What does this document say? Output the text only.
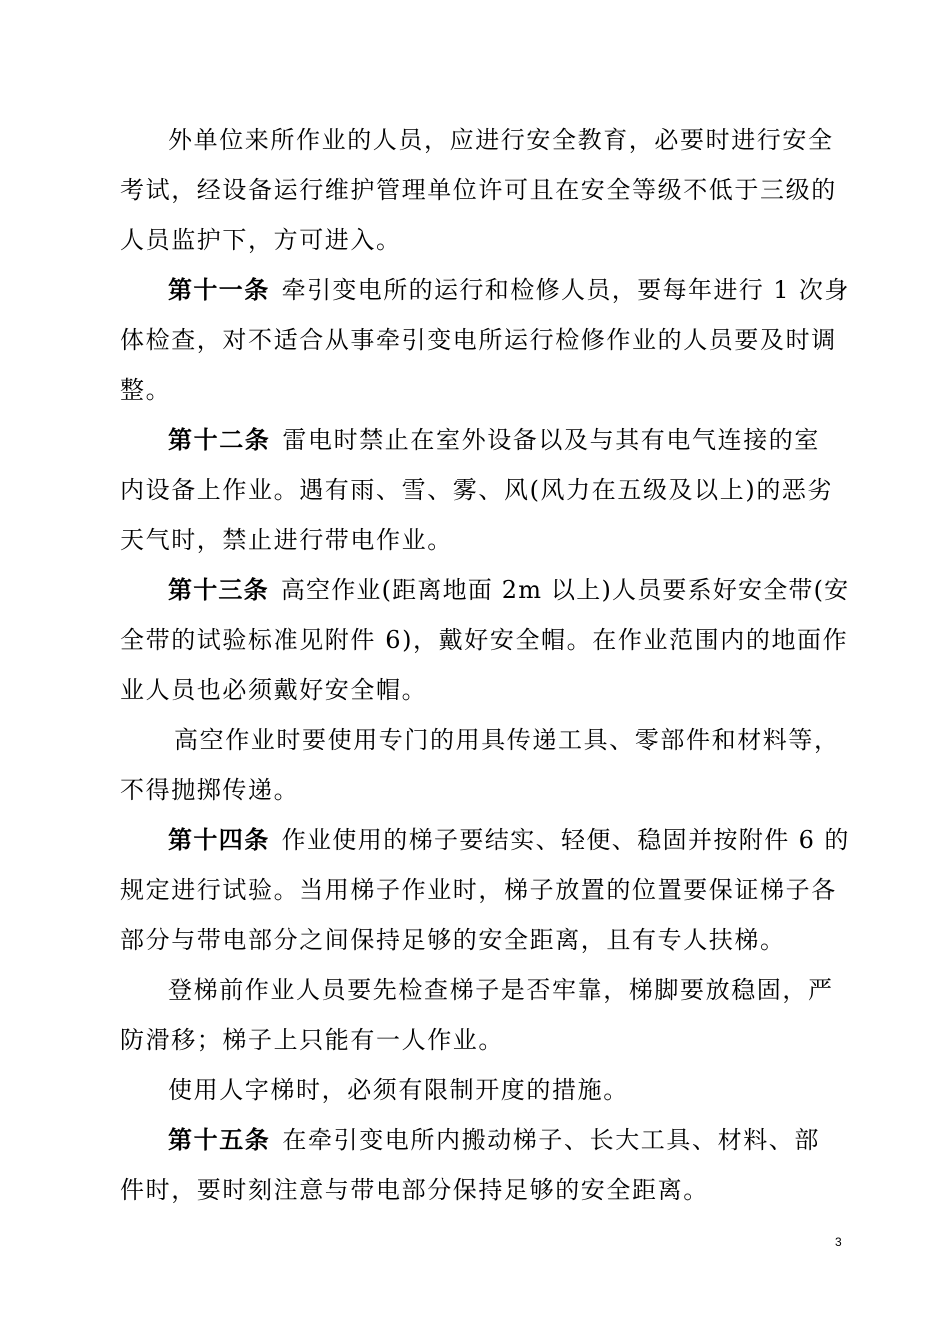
外单位来所作业的人员，应进行安全教育，必要时进行安全
考试，经设备运行维护管理单位许可且在安全等级不低于三级的
人员监护下，方可进入。
第十一条 牵引变电所的运行和检修人员，要每年进行 1 次身
体检查，对不适合从事牵引变电所运行检修作业的人员要及时调
整。
第十二条 雷电时禁止在室外设备以及与其有电气连接的室
内设备上作业。遇有雨、雪、雾、风(风力在五级及以上)的恶劣
天气时，禁止进行带电作业。
第十三条 高空作业(距离地面 2m 以上)人员要系好安全带(安
全带的试验标准见附件 6)，戴好安全帽。在作业范围内的地面作
业人员也必须戴好安全帽。
高空作业时要使用专门的用具传递工具、零部件和材料等，
不得抛掷传递。
第十四条 作业使用的梯子要结实、轻便、稳固并按附件 6 的
规定进行试验。当用梯子作业时，梯子放置的位置要保证梯子各
部分与带电部分之间保持足够的安全距离，且有专人扶梯。
登梯前作业人员要先检查梯子是否牢靠，梯脚要放稳固，严
防滑移；梯子上只能有一人作业。
使用人字梯时，必须有限制开度的措施。
第十五条 在牵引变电所内搬动梯子、长大工具、材料、部
件时，要时刻注意与带电部分保持足够的安全距离。
3
